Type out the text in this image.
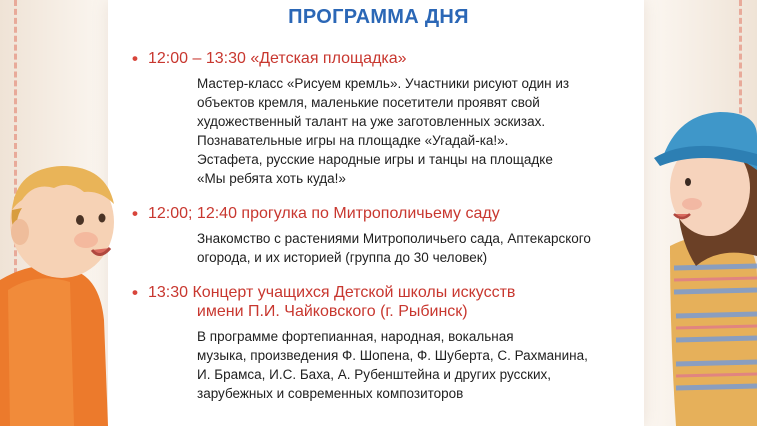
ПРОГРАММА ДНЯ
• 12:00 – 13:30 «Детская площадка»
Мастер-класс «Рисуем кремль». Участники рисуют один из
объектов кремля, маленькие посетители проявят свой
художественный талант на уже заготовленных эскизах.
Познавательные игры на площадке «Угадай-ка!».
Эстафета, русские народные игры и танцы на площадке
«Мы ребята хоть куда!»
• 12:00; 12:40 прогулка по Митрополичьему саду
Знакомство с растениями Митрополичьего сада, Аптекарского
огорода, и их историей (группа до 30 человек)
• 13:30 Концерт учащихся Детской школы искусств
имени П.И. Чайковского (г. Рыбинск)
В программе фортепианная, народная, вокальная
музыка, произведения Ф. Шопена, Ф. Шуберта, С. Рахманина,
И. Брамса, И.С. Баха, А. Рубенштейна и других русских,
зарубежных и современных композиторов
